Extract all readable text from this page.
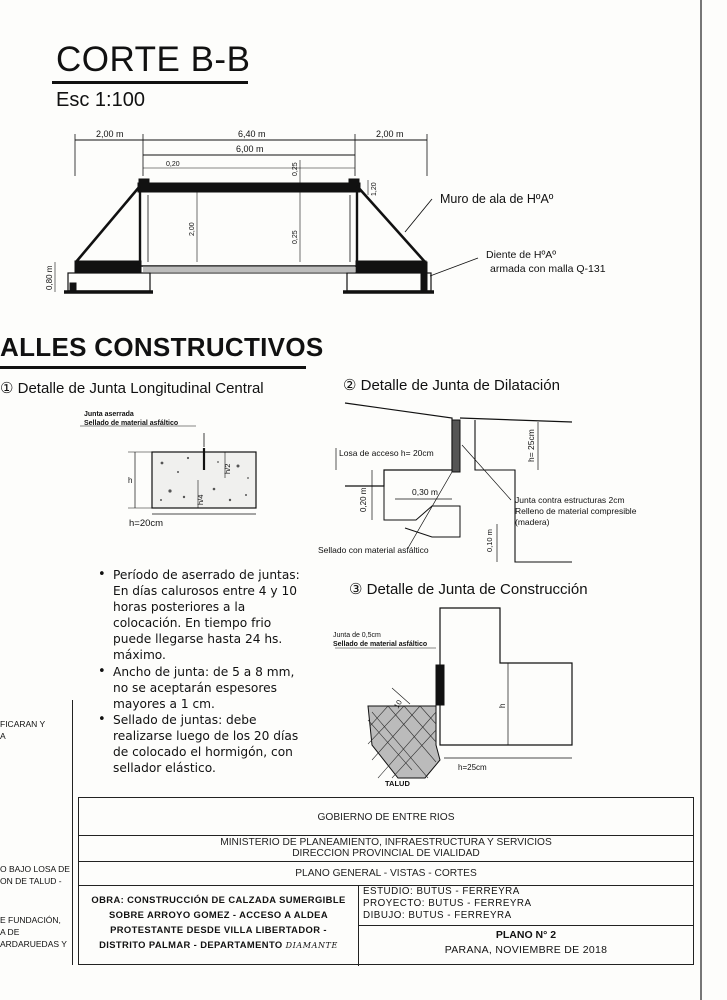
CORTE B-B
Esc 1:100
2,00 m	6,40 m
6,00 m
2,00 m
0,20	0,25
1,20
2,00
0,25
0,80 m
Muro de ala de HºAº
Diente de HºAº
armada con malla Q-131
Junta aserrada
Sellado de material asfáltico
h
h/2
h/4
h=20cm
Losa de acceso h= 20cm	h= 25cm
0,20 m	0,30 m
0,10 m
Junta contra estructuras 2cm
Relleno de material compresible
(madera)
Sellado con material asfáltico
Junta de 0,5cm
Sellado de material asfáltico
10	h
h=25cm
TALUD
ALLES CONSTRUCTIVOS
① Detalle de Junta Longitudinal Central	② Detalle de Junta de Dilatación
③ Detalle de Junta de Construcción
• Período de aserrado de juntas: En días calurosos entre 4 y 10 horas posteriores a la colocación. En tiempo frio puede llegarse hasta 24 hs. máximo.
• Ancho de junta: de 5 a 8 mm, no se aceptarán espesores mayores a 1 cm.
• Sellado de juntas: debe realizarse luego de los 20 días de colocado el hormigón, con sellador elástico.
FICARAN Y
A
O BAJO LOSA DE
ON DE TALUD -
E FUNDACIÓN,
A DE
ARDARUEDAS Y
GOBIERNO DE ENTRE RIOS
MINISTERIO DE PLANEAMIENTO, INFRAESTRUCTURA Y SERVICIOS
DIRECCION PROVINCIAL DE VIALIDAD
PLANO GENERAL - VISTAS - CORTES
OBRA: CONSTRUCCIÓN DE CALZADA SUMERGIBLE
SOBRE ARROYO GOMEZ - ACCESO A ALDEA
PROTESTANTE DESDE VILLA LIBERTADOR -
DISTRITO PALMAR - DEPARTAMENTO DIAMANTE
ESTUDIO: BUTUS - FERREYRA
PROYECTO: BUTUS - FERREYRA
DIBUJO: BUTUS - FERREYRA
PLANO N° 2
PARANA, NOVIEMBRE DE 2018
